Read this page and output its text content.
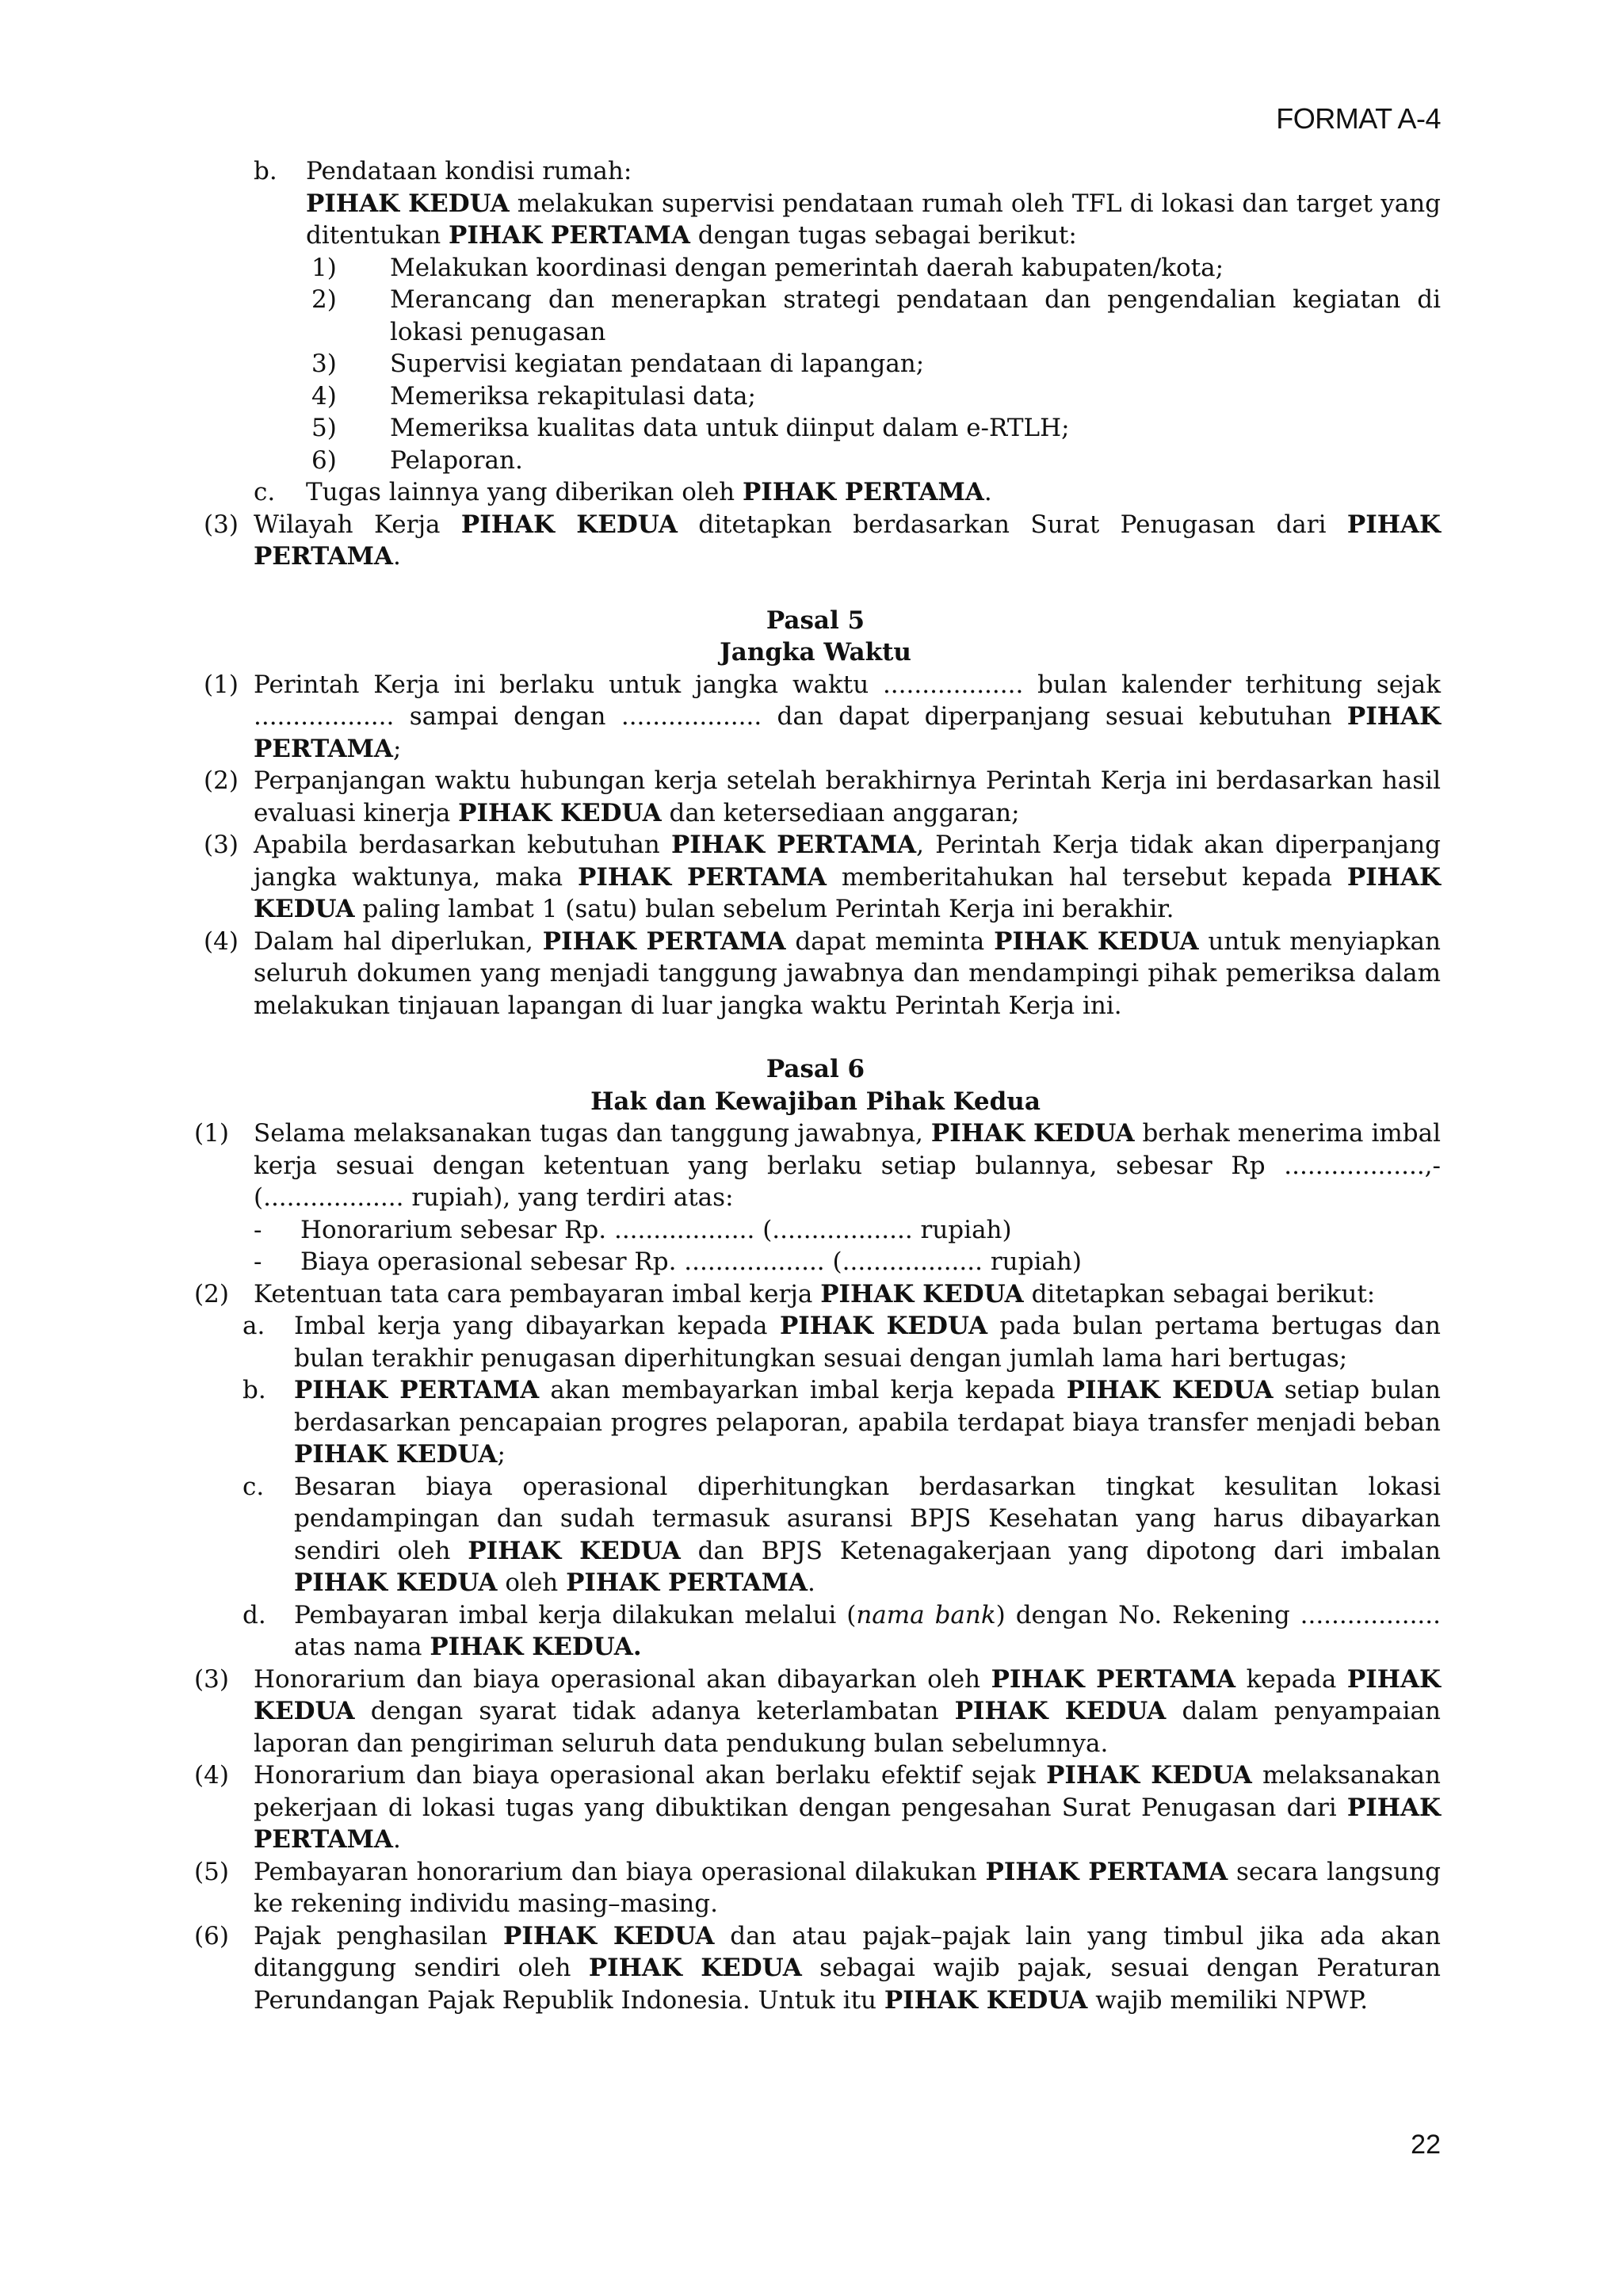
FORMAT A-4
b. Pendataan kondisi rumah:
PIHAK KEDUA melakukan supervisi pendataan rumah oleh TFL di lokasi dan target yang ditentukan PIHAK PERTAMA dengan tugas sebagai berikut:
1) Melakukan koordinasi dengan pemerintah daerah kabupaten/kota;
2) Merancang dan menerapkan strategi pendataan dan pengendalian kegiatan di lokasi penugasan
3) Supervisi kegiatan pendataan di lapangan;
4) Memeriksa rekapitulasi data;
5) Memeriksa kualitas data untuk diinput dalam e-RTLH;
6) Pelaporan.
c. Tugas lainnya yang diberikan oleh PIHAK PERTAMA.
(3) Wilayah Kerja PIHAK KEDUA ditetapkan berdasarkan Surat Penugasan dari PIHAK PERTAMA.
Pasal 5
Jangka Waktu
(1) Perintah Kerja ini berlaku untuk jangka waktu .................. bulan kalender terhitung sejak .................. sampai dengan .................. dan dapat diperpanjang sesuai kebutuhan PIHAK PERTAMA;
(2) Perpanjangan waktu hubungan kerja setelah berakhirnya Perintah Kerja ini berdasarkan hasil evaluasi kinerja PIHAK KEDUA dan ketersediaan anggaran;
(3) Apabila berdasarkan kebutuhan PIHAK PERTAMA, Perintah Kerja tidak akan diperpanjang jangka waktunya, maka PIHAK PERTAMA memberitahukan hal tersebut kepada PIHAK KEDUA paling lambat 1 (satu) bulan sebelum Perintah Kerja ini berakhir.
(4) Dalam hal diperlukan, PIHAK PERTAMA dapat meminta PIHAK KEDUA untuk menyiapkan seluruh dokumen yang menjadi tanggung jawabnya dan mendampingi pihak pemeriksa dalam melakukan tinjauan lapangan di luar jangka waktu Perintah Kerja ini.
Pasal 6
Hak dan Kewajiban Pihak Kedua
(1) Selama melaksanakan tugas dan tanggung jawabnya, PIHAK KEDUA berhak menerima imbal kerja sesuai dengan ketentuan yang berlaku setiap bulannya, sebesar Rp ..................,- (.................. rupiah), yang terdiri atas:
- Honorarium sebesar Rp. .................. (.................. rupiah)
- Biaya operasional sebesar Rp. .................. (.................. rupiah)
(2) Ketentuan tata cara pembayaran imbal kerja PIHAK KEDUA ditetapkan sebagai berikut:
a. Imbal kerja yang dibayarkan kepada PIHAK KEDUA pada bulan pertama bertugas dan bulan terakhir penugasan diperhitungkan sesuai dengan jumlah lama hari bertugas;
b. PIHAK PERTAMA akan membayarkan imbal kerja kepada PIHAK KEDUA setiap bulan berdasarkan pencapaian progres pelaporan, apabila terdapat biaya transfer menjadi beban PIHAK KEDUA;
c. Besaran biaya operasional diperhitungkan berdasarkan tingkat kesulitan lokasi pendampingan dan sudah termasuk asuransi BPJS Kesehatan yang harus dibayarkan sendiri oleh PIHAK KEDUA dan BPJS Ketenagakerjaan yang dipotong dari imbalan PIHAK KEDUA oleh PIHAK PERTAMA.
d. Pembayaran imbal kerja dilakukan melalui (nama bank) dengan No. Rekening .................. atas nama PIHAK KEDUA.
(3) Honorarium dan biaya operasional akan dibayarkan oleh PIHAK PERTAMA kepada PIHAK KEDUA dengan syarat tidak adanya keterlambatan PIHAK KEDUA dalam penyampaian laporan dan pengiriman seluruh data pendukung bulan sebelumnya.
(4) Honorarium dan biaya operasional akan berlaku efektif sejak PIHAK KEDUA melaksanakan pekerjaan di lokasi tugas yang dibuktikan dengan pengesahan Surat Penugasan dari PIHAK PERTAMA.
(5) Pembayaran honorarium dan biaya operasional dilakukan PIHAK PERTAMA secara langsung ke rekening individu masing–masing.
(6) Pajak penghasilan PIHAK KEDUA dan atau pajak–pajak lain yang timbul jika ada akan ditanggung sendiri oleh PIHAK KEDUA sebagai wajib pajak, sesuai dengan Peraturan Perundangan Pajak Republik Indonesia. Untuk itu PIHAK KEDUA wajib memiliki NPWP.
22
